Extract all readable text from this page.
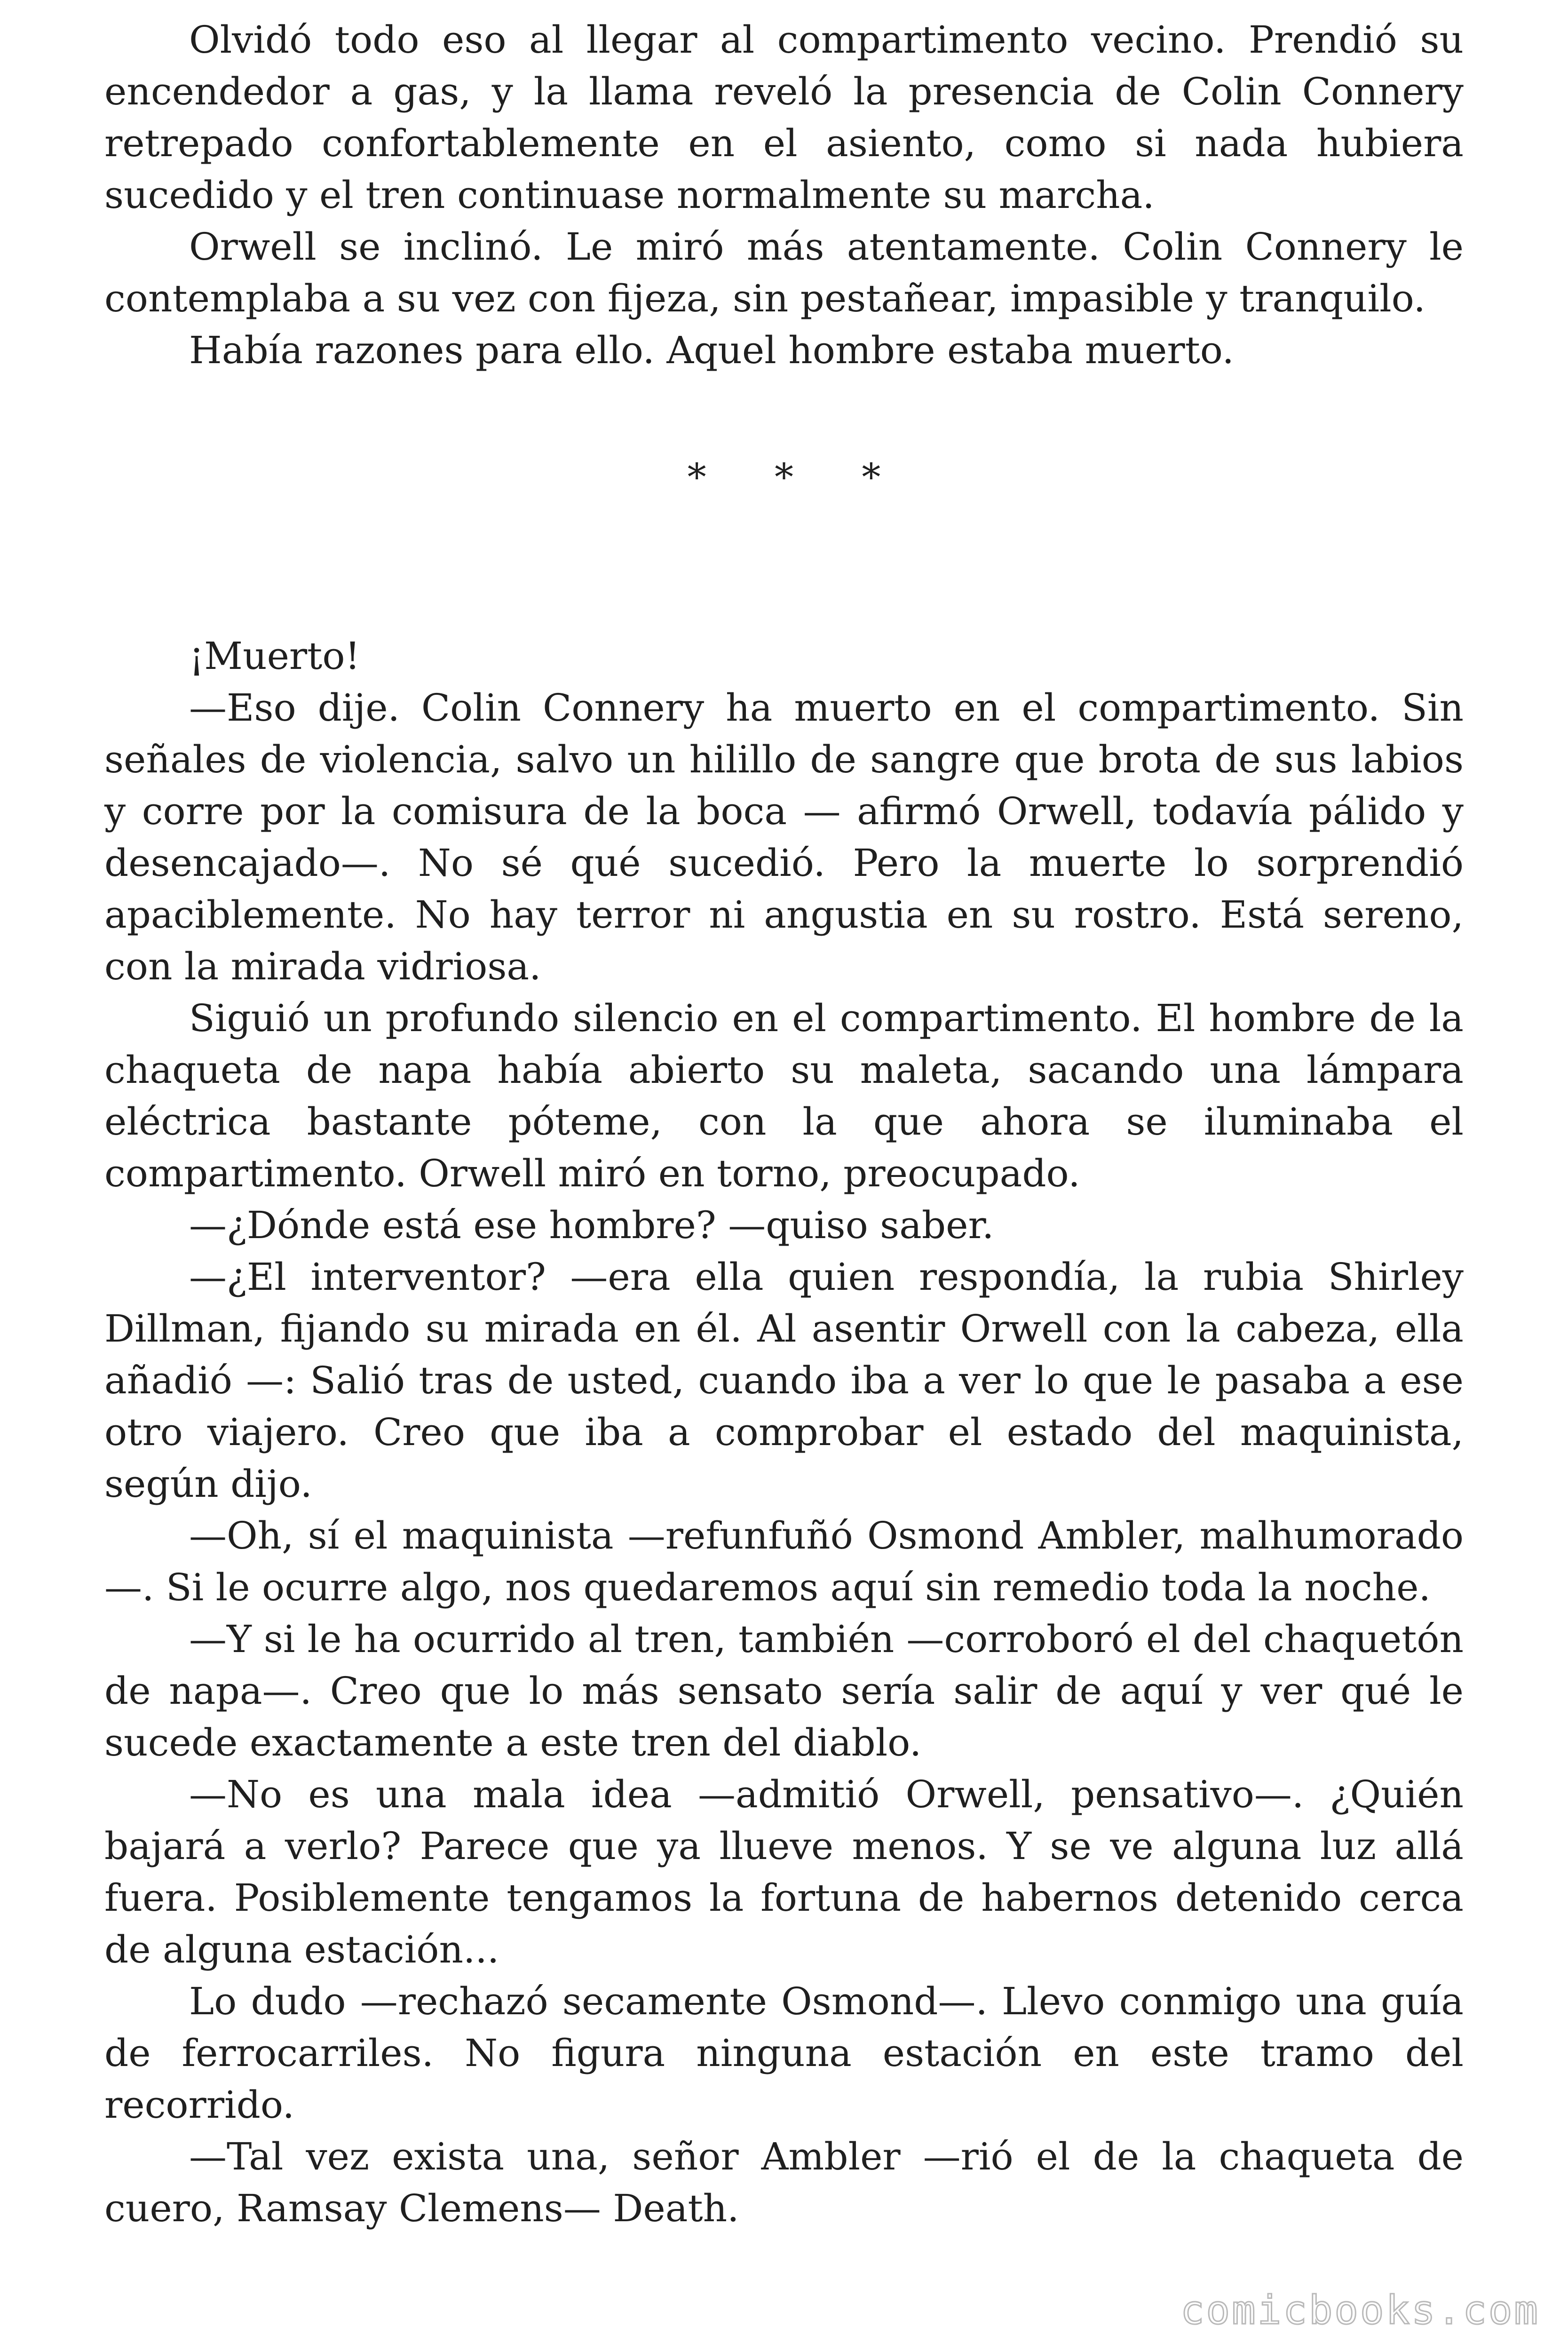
Olvidó todo eso al llegar al compartimento vecino. Prendió su encendedor a gas, y la llama reveló la presencia de Colin Connery retrepado confortablemente en el asiento, como si nada hubiera sucedido y el tren continuase normalmente su marcha.

Orwell se inclinó. Le miró más atentamente. Colin Connery le contemplaba a su vez con fijeza, sin pestañear, impasible y tranquilo.

Había razones para ello. Aquel hombre estaba muerto.

* * *

¡Muerto!

—Eso dije. Colin Connery ha muerto en el compartimento. Sin señales de violencia, salvo un hilillo de sangre que brota de sus labios y corre por la comisura de la boca — afirmó Orwell, todavía pálido y desencajado—. No sé qué sucedió. Pero la muerte lo sorprendió apaciblemente. No hay terror ni angustia en su rostro. Está sereno, con la mirada vidriosa.

Siguió un profundo silencio en el compartimento. El hombre de la chaqueta de napa había abierto su maleta, sacando una lámpara eléctrica bastante póteme, con la que ahora se iluminaba el compartimento. Orwell miró en torno, preocupado.

—¿Dónde está ese hombre? —quiso saber.

—¿El interventor? —era ella quien respondía, la rubia Shirley Dillman, fijando su mirada en él. Al asentir Orwell con la cabeza, ella añadió —: Salió tras de usted, cuando iba a ver lo que le pasaba a ese otro viajero. Creo que iba a comprobar el estado del maquinista, según dijo.

—Oh, sí el maquinista —refunfuñó Osmond Ambler, malhumorado—. Si le ocurre algo, nos quedaremos aquí sin remedio toda la noche.

—Y si le ha ocurrido al tren, también —corroboró el del chaquetón de napa—. Creo que lo más sensato sería salir de aquí y ver qué le sucede exactamente a este tren del diablo.

—No es una mala idea —admitió Orwell, pensativo—. ¿Quién bajará a verlo? Parece que ya llueve menos. Y se ve alguna luz allá fuera. Posiblemente tengamos la fortuna de habernos detenido cerca de alguna estación...

Lo dudo —rechazó secamente Osmond—. Llevo conmigo una guía de ferrocarriles. No figura ninguna estación en este tramo del recorrido.

—Tal vez exista una, señor Ambler —rió el de la chaqueta de cuero, Ramsay Clemens— Death.

comicbooks.com
